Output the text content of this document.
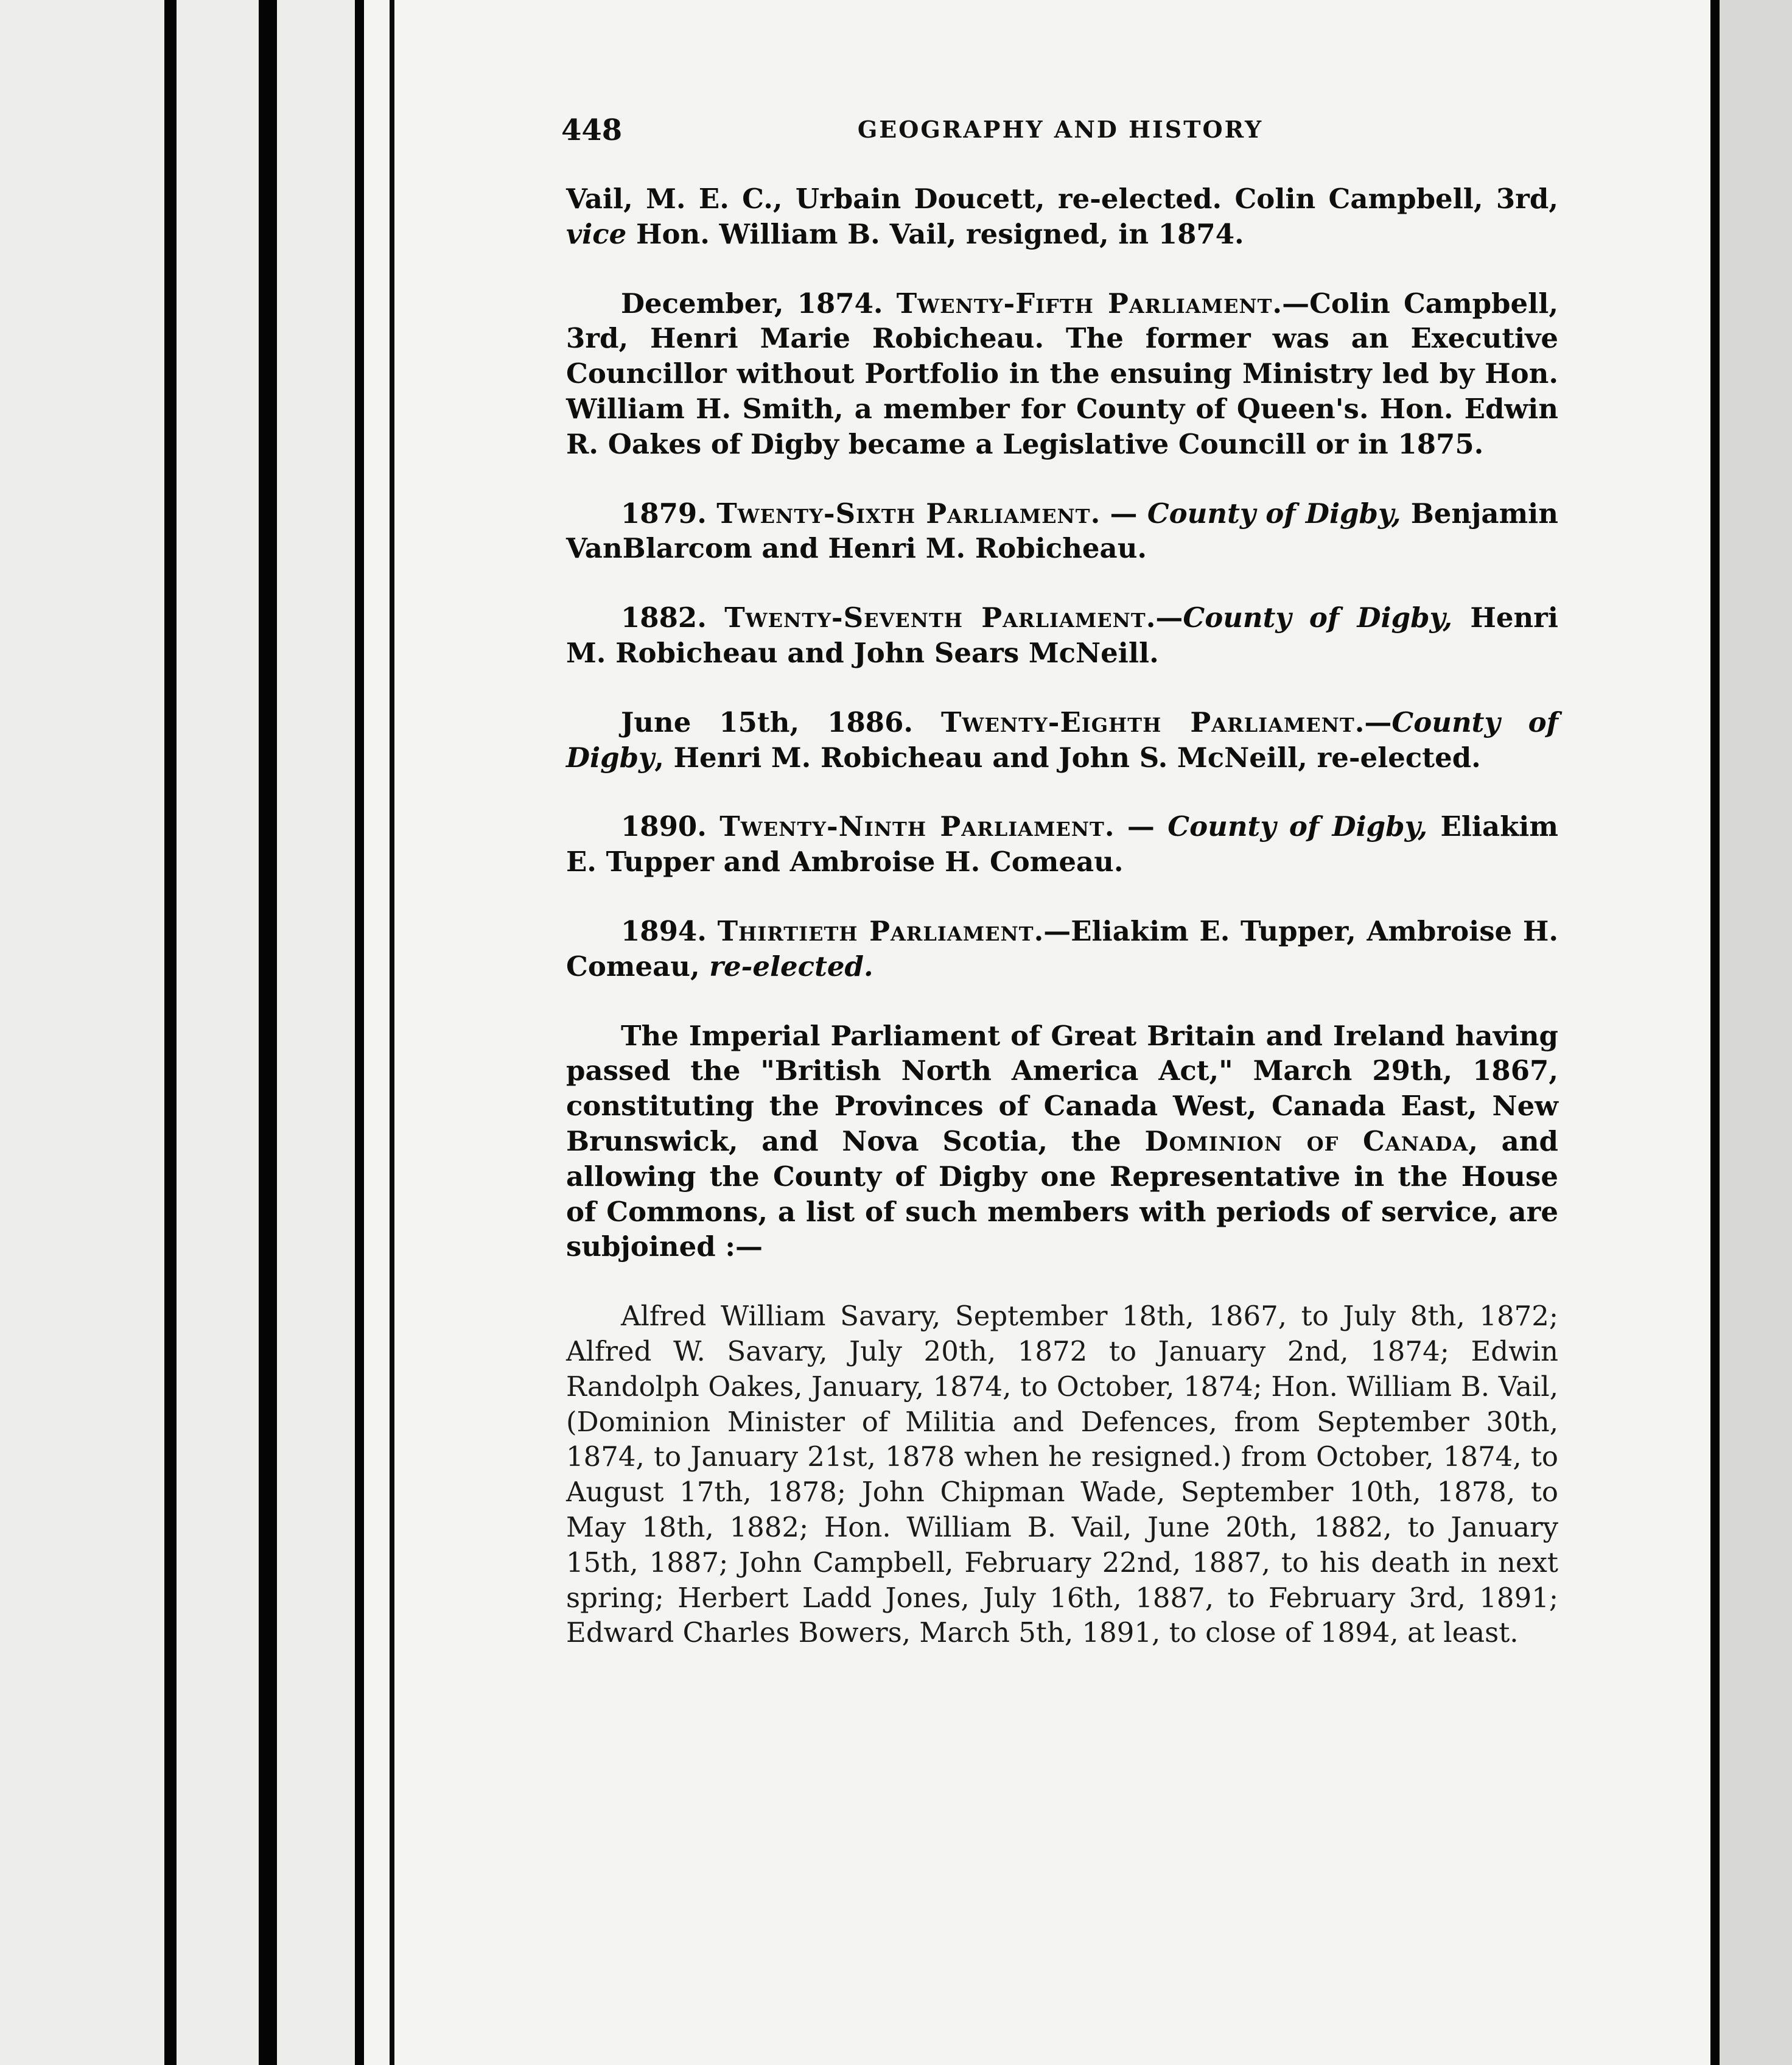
448	GEOGRAPHY AND HISTORY

Vail, M. E. C., Urbain Doucett, re-elected. Colin Campbell, 3rd, vice Hon. William B. Vail, resigned, in 1874.

December, 1874. Twenty-Fifth Parliament.—Colin Campbell, 3rd, Henri Marie Robicheau. The former was an Executive Councillor without Portfolio in the ensuing Ministry led by Hon. William H. Smith, a member for County of Queen's. Hon. Edwin R. Oakes of Digby became a Legislative Councill or in 1875.

1879. Twenty-Sixth Parliament. — County of Digby, Benjamin VanBlarcom and Henri M. Robicheau.

1882. Twenty-Seventh Parliament.—County of Digby, Henri M. Robicheau and John Sears McNeill.

June 15th, 1886. Twenty-Eighth Parliament.—County of Digby, Henri M. Robicheau and John S. McNeill, re-elected.

1890. Twenty-Ninth Parliament. — County of Digby, Eliakim E. Tupper and Ambroise H. Comeau.

1894. Thirtieth Parliament.—Eliakim E. Tupper, Ambroise H. Comeau, re-elected.

The Imperial Parliament of Great Britain and Ireland having passed the "British North America Act," March 29th, 1867, constituting the Provinces of Canada West, Canada East, New Brunswick, and Nova Scotia, the Dominion of Canada, and allowing the County of Digby one Representative in the House of Commons, a list of such members with periods of service, are subjoined :—

Alfred William Savary, September 18th, 1867, to July 8th, 1872; Alfred W. Savary, July 20th, 1872 to January 2nd, 1874; Edwin Randolph Oakes, January, 1874, to October, 1874; Hon. William B. Vail, (Dominion Minister of Militia and Defences, from September 30th, 1874, to January 21st, 1878 when he resigned.) from October, 1874, to August 17th, 1878; John Chipman Wade, September 10th, 1878, to May 18th, 1882; Hon. William B. Vail, June 20th, 1882, to January 15th, 1887; John Campbell, February 22nd, 1887, to his death in next spring; Herbert Ladd Jones, July 16th, 1887, to February 3rd, 1891; Edward Charles Bowers, March 5th, 1891, to close of 1894, at least.
